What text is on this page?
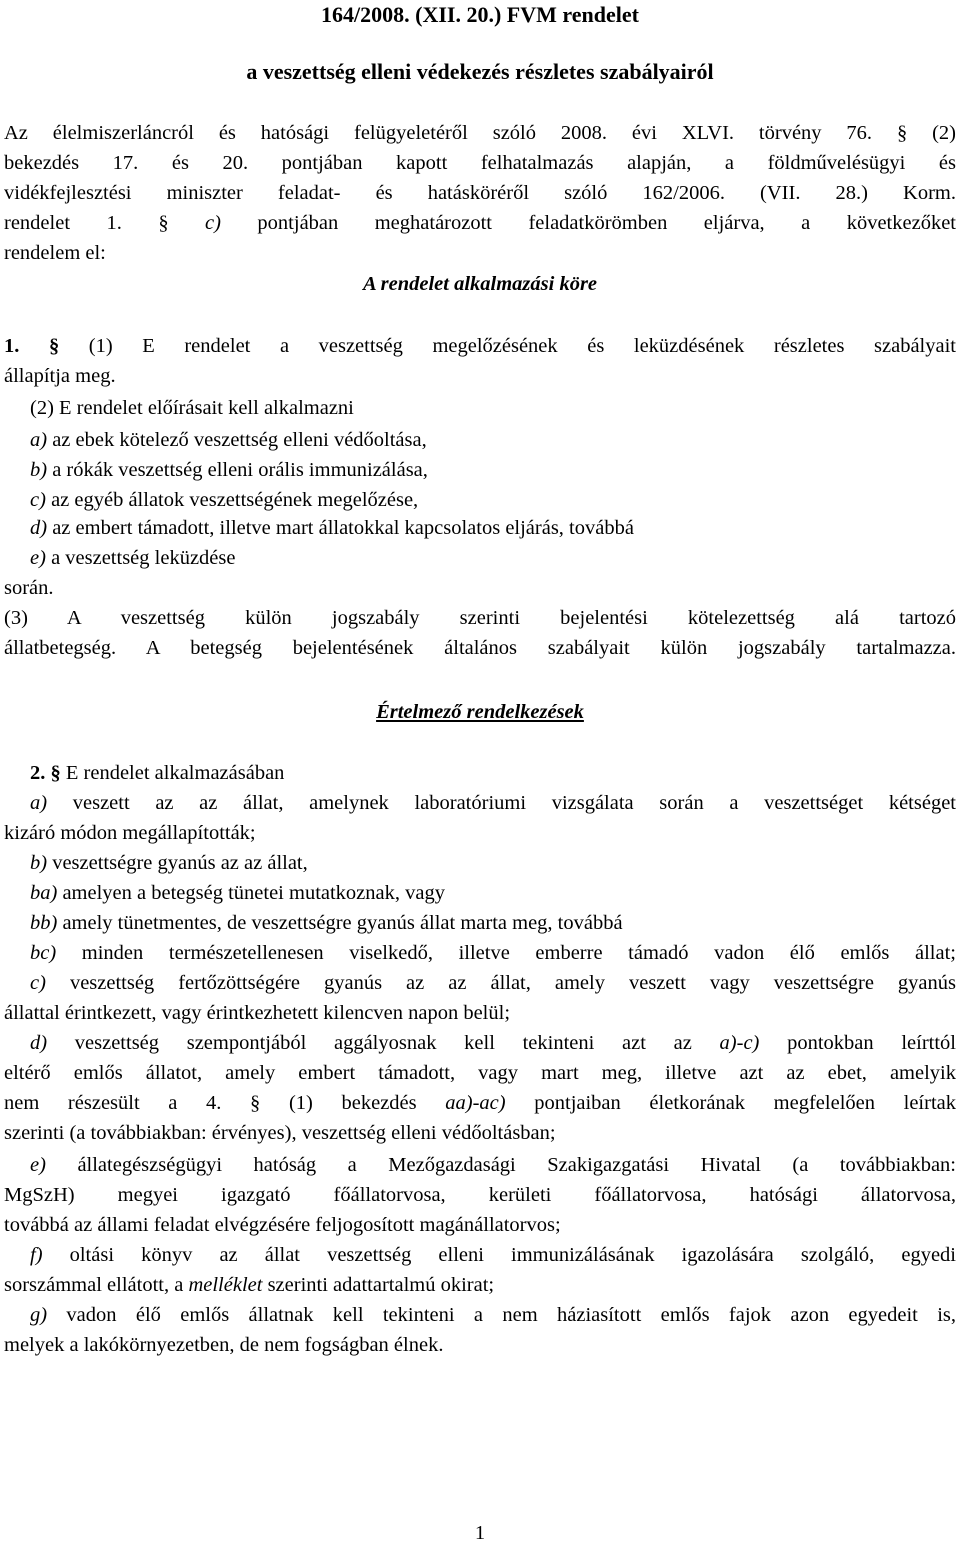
164/2008. (XII. 20.) FVM rendelet
a veszettség elleni védekezés részletes szabályairól
Az élelmiszerláncról és hatósági felügyeletéről szóló 2008. évi XLVI. törvény 76. § (2)
bekezdés 17. és 20. pontjában kapott felhatalmazás alapján, a földművelésügyi és
vidékfejlesztési miniszter feladat- és hatásköréről szóló 162/2006. (VII. 28.) Korm.
rendelet 1. § c) pontjában meghatározott feladatkörömben eljárva, a következőket
rendelem el:
A rendelet alkalmazási köre
1. § (1) E rendelet a veszettség megelőzésének és leküzdésének részletes szabályait
állapítja meg.
(2) E rendelet előírásait kell alkalmazni
a) az ebek kötelező veszettség elleni védőoltása,
b) a rókák veszettség elleni orális immunizálása,
c) az egyéb állatok veszettségének megelőzése,
d) az embert támadott, illetve mart állatokkal kapcsolatos eljárás, továbbá
e) a veszettség leküzdése
során.
(3) A veszettség külön jogszabály szerinti bejelentési kötelezettség alá tartozó
állatbetegség. A betegség bejelentésének általános szabályait külön jogszabály tartalmazza.
Értelmező rendelkezések
2. § E rendelet alkalmazásában
a) veszett az az állat, amelynek laboratóriumi vizsgálata során a veszettséget kétséget
kizáró módon megállapították;
b) veszettségre gyanús az az állat,
ba) amelyen a betegség tünetei mutatkoznak, vagy
bb) amely tünetmentes, de veszettségre gyanús állat marta meg, továbbá
bc) minden természetellenesen viselkedő, illetve emberre támadó vadon élő emlős állat;
c) veszettség fertőzöttségére gyanús az az állat, amely veszett vagy veszettségre gyanús
állattal érintkezett, vagy érintkezhetett kilencven napon belül;
d) veszettség szempontjából aggályosnak kell tekinteni azt az a)-c) pontokban leírttól
eltérő emlős állatot, amely embert támadott, vagy mart meg, illetve azt az ebet, amelyik
nem részesült a 4. § (1) bekezdés aa)-ac) pontjaiban életkorának megfelelően leírtak
szerinti (a továbbiakban: érvényes), veszettség elleni védőoltásban;
e) állategészségügyi hatóság a Mezőgazdasági Szakigazgatási Hivatal (a továbbiakban:
MgSzH) megyei igazgató főállatorvosa, kerületi főállatorvosa, hatósági állatorvosa,
továbbá az állami feladat elvégzésére feljogosított magánállatorvos;
f) oltási könyv az állat veszettség elleni immunizálásának igazolására szolgáló, egyedi
sorszámmal ellátott, a melléklet szerinti adattartalmú okirat;
g) vadon élő emlős állatnak kell tekinteni a nem háziasított emlős fajok azon egyedeit is,
melyek a lakókörnyezetben, de nem fogságban élnek.
1
